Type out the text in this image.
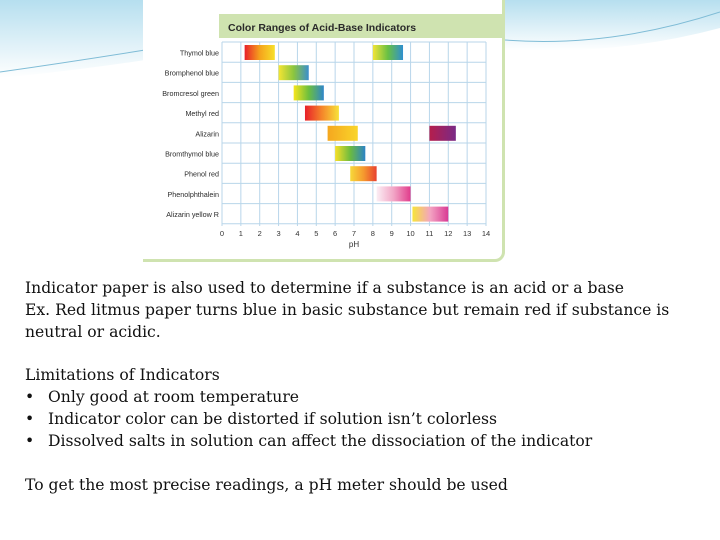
Color Ranges of Acid-Base Indicators
Thymol blue
Bromphenol blue
Bromcresol green
Methyl red
Alizarin
Bromthymol blue
Phenol red
Phenolphthalein
Alizarin yellow R
0 1 2 3 4 5 6 7 8 9 10 11 12 13 14
pH

Indicator paper is also used to determine if a substance is an acid or a base

Ex. Red litmus paper turns blue in basic substance but remain red if substance is neutral or acidic.

Limitations of Indicators

• Only good at room temperature
• Indicator color can be distorted if solution isn’t colorless
• Dissolved salts in solution can affect the dissociation of the indicator

To get the most precise readings, a pH meter should be used
